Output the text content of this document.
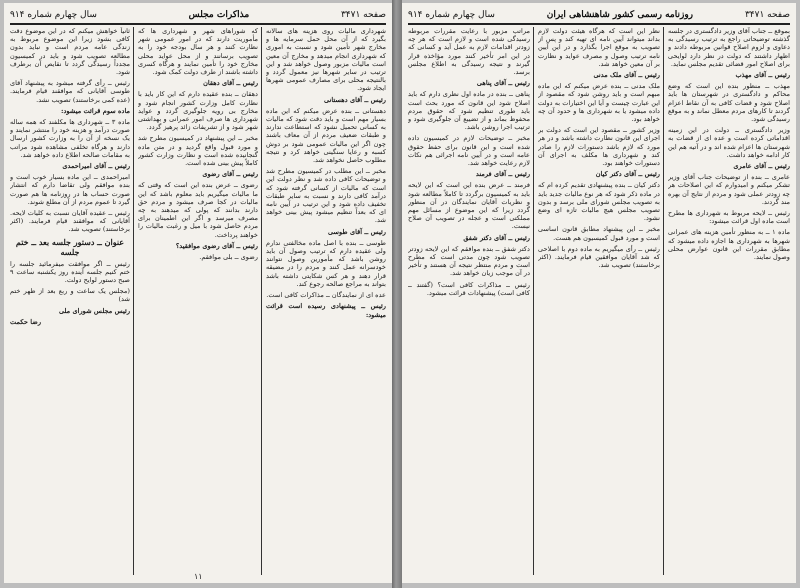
صفحه ۳۴۷۱
مذاكرات مجلس
سال چهارم شماره ۹۱۴

شهرداری ماليات روی هزينه های سالانه بگيرد که از آن محل حمل سرمايه ها و مخارج شهر تأمين شود و نسبت به اموری که شهرداری انجام ميدهد و مخارج آن معين است ماليات مزبور وصول خواهد شد و اين ترتيب در ساير شهرها نيز معمول گردد و بالنتيجه محلی برای مصارف عمومی شهرها ايجاد شود.

رئيس ــ آقای دهستانی

دهستانی ــ بنده عرض ميکنم که اين ماده بسيار مهم است و بايد دقت شود که ماليات به کسانی تحميل نشود که استطاعت ندارند و طبقات ضعيف مردم از آن معاف باشند چون اگر اين ماليات عمومی شود بر دوش کسبه و رعايا سنگينی خواهد کرد و نتيجه مطلوب حاصل نخواهد شد.

مخبر ــ اين مطلب در کميسيون مطرح شد و توضيحات کافی داده شد و نظر دولت اين است که ماليات از کسانی گرفته شود که درآمد کافی دارند و نسبت به ساير طبقات تخفيف داده شود و اين ترتيب در آيين نامه ای که بعداً تنظيم ميشود پيش بينی خواهد شد.

رئيس ــ آقای طوسی

طوسی ــ بنده با اصل ماده مخالفتی ندارم ولی عقيده دارم که ترتيب وصول آن بايد روشن باشد که مأمورين وصول نتوانند خودسرانه عمل کنند و مردم را در مضيقه قرار دهند و هر کس شکايتی داشته باشد بتواند به مراجع صالحه رجوع کند.

عده ای از نمايندگان ــ مذاکرات کافی است.

رئيس ــ پيشنهادی رسيده است قرائت ميشود:

که شوراهای شهر و شهرداری ها که مأموريت دارند که در امور عمومی شهر نظارت کنند و هر سال بودجه خود را به تصويب برسانند و از محل عوايد محلی مخارج خود را تأمين نمايند و هرگاه کسری داشته باشند از طرف دولت کمک شود.

رئيس ــ آقای دهقان

دهقان ــ بنده عقيده دارم که اين کار بايد با نظارت کامل وزارت کشور انجام شود و مخارج بی رويه جلوگيری گردد و عوايد شهرداری ها صرف امور عمرانی و بهداشتی شهر شود و از تشريفات زائد پرهيز گردد.

مخبر ــ اين پيشنهاد در کميسيون مطرح شد و مورد قبول واقع گرديد و در متن ماده گنجانيده شده است و نظارت وزارت کشور کاملاً پيش بينی شده است.

رئيس ــ آقای رضوی

رضوی ــ عرض بنده اين است که وقتی که ما ماليات ميگيريم بايد معلوم باشد که اين ماليات در کجا صرف ميشود و مردم حق دارند بدانند که پولی که ميدهند به چه مصرف ميرسد و اگر اين اطمينان برای مردم حاصل شود با ميل و رغبت ماليات را خواهند پرداخت.

رئيس ــ آقای رضوی موافقيد؟

رضوی ــ بلی موافقم.

ثانياً خواهش ميکنم که در اين موضوع دقت کافی بشود زيرا اين موضوع مربوط به زندگی عامه مردم است و نبايد بدون مطالعه تصويب شود و بايد در کميسيون مجدداً رسيدگی گردد تا نقايص آن برطرف شود.

رئيس ــ رأی گرفته ميشود به پيشنهاد آقای طوسی آقايانی که موافقند قيام فرمايند. (عده کمی برخاستند) تصويب نشد.

ماده سوم قرائت ميشود:

ماده ۳ ــ شهرداری ها مکلفند که همه ساله صورت درآمد و هزينه خود را منتشر نمايند و يک نسخه از آن را به وزارت کشور ارسال دارند و هرگاه تخلفی مشاهده شود مراتب به مقامات صالحه اطلاع داده خواهد شد.

رئيس ــ آقای اميراحمدی

اميراحمدی ــ اين ماده بسيار خوب است و بنده موافقم ولی تقاضا دارم که انتشار صورت حساب ها در روزنامه ها هم صورت گيرد تا عموم مردم از آن مطلع شوند.

رئيس ــ عقيده آقايان نسبت به کليات لايحه. آقايانی که موافقند قيام فرمايند. (اکثر برخاستند) تصويب شد.

عنوان ــ دستور جلسه بعد ــ ختم جلسه

رئيس ــ اگر موافقت ميفرمائيد جلسه را ختم کنيم جلسه آينده روز يکشنبه ساعت ۹ صبح دستور لوايح دولت.

(مجلس يک ساعت و ربع بعد از ظهر ختم شد)

رئيس مجلس شورای ملی

رضا حکمت

۱۱
صفحه ۳۴۷۱
روزنامه رسمی کشور شاهنشاهی ايران
سال چهارم شماره ۹۱۴

بموقع ــ جناب آقای وزير دادگستری در جلسه گذشته توضيحاتی راجع به ترتيب رسيدگی به دعاوی و لزوم اصلاح قوانين مربوطه دادند و اظهار داشتند که دولت در نظر دارد لوايحی برای اصلاح امور قضائی تقديم مجلس نمايد.

رئيس ــ آقای مهذب

مهذب ــ منظور بنده اين است که وضع محاکم و دادگستری در شهرستان ها بايد اصلاح شود و قضات کافی به آن نقاط اعزام گردند تا کارهای مردم معطل نماند و به موقع رسيدگی شود.

وزير دادگستری ــ دولت در اين زمينه اقداماتی کرده است و عده ای از قضات به شهرستان ها اعزام شده اند و در آتيه هم اين کار ادامه خواهد داشت.

رئيس ــ آقای عامری

عامری ــ بنده از توضيحات جناب آقای وزير تشکر ميکنم و اميدوارم که اين اصلاحات هر چه زودتر عملی شود و مردم از نتايج آن بهره مند گردند.

رئيس ــ لايحه مربوط به شهرداری ها مطرح است ماده اول قرائت ميشود:

ماده ۱ ــ به منظور تأمين هزينه های عمرانی شهرها به شهرداری ها اجازه داده ميشود که مطابق مقررات اين قانون عوارض محلی وصول نمايند.

نظر اين است که هرگاه هيئت دولت لازم بداند ميتواند آيين نامه ای تهيه کند و پس از تصويب به موقع اجرا بگذارد و در اين آيين نامه ترتيب وصول و مصرف عوايد و نظارت بر آن معين خواهد شد.

رئيس ــ آقای ملک مدنی

ملک مدنی ــ بنده عرض ميکنم که اين ماده مبهم است و بايد روشن شود که مقصود از اين عبارت چيست و آيا اين اختيارات به دولت داده ميشود يا به شهرداری ها و حدود آن چه خواهد بود.

وزير کشور ــ مقصود اين است که دولت بر اجرای اين قانون نظارت داشته باشد و در هر مورد که لازم باشد دستورات لازم را صادر کند و شهرداری ها مکلف به اجرای آن دستورات خواهند بود.

رئيس ــ آقای دکتر کيان

دکتر کيان ــ بنده پيشنهادی تقديم کرده ام که در ماده ذکر شود که هر نوع ماليات جديد بايد به تصويب مجلس شورای ملی برسد و بدون تصويب مجلس هيچ ماليات تازه ای وضع نشود.

مخبر ــ اين پيشنهاد مطابق قانون اساسی است و مورد قبول کميسيون هم هست.

رئيس ــ رأی ميگيريم به ماده دوم با اصلاحی که شد آقايان موافقين قيام فرمايند. (اکثر برخاستند) تصويب شد.

مراتب مزبور با رعايت مقررات مربوطه رسيدگی شده است و لازم است که هر چه زودتر اقدامات لازم به عمل آيد و کسانی که در اين امر تأخير کنند مورد مؤاخذه قرار گيرند و نتيجه رسيدگی به اطلاع مجلس برسد.

رئيس ــ آقای پناهی

پناهی ــ بنده در ماده اول نظری دارم که بايد اصلاح شود اين قانون که مورد بحث است بايد طوری تنظيم شود که حقوق مردم محفوظ بماند و از تضييع آن جلوگيری شود و ترتيب اجرا روشن باشد.

مخبر ــ توضيحات لازم در کميسيون داده شده است و اين قانون برای حفظ حقوق عامه است و در آيين نامه اجرائی هم نکات لازم رعايت خواهد شد.

رئيس ــ آقای فرمند

فرمند ــ عرض بنده اين است که اين لايحه بايد به کميسيون برگردد تا کاملاً مطالعه شود و نظريات آقايان نمايندگان در آن منظور گردد زيرا که اين موضوع از مسائل مهم مملکتی است و عجله در تصويب آن صلاح نيست.

رئيس ــ آقای دکتر شفق

دکتر شفق ــ بنده موافقم که اين لايحه زودتر تصويب شود چون مدتی است که مطرح است و مردم منتظر نتيجه آن هستند و تأخير در آن موجب زيان خواهد شد.

رئيس ــ مذاکرات کافی است؟ (گفتند ــ کافی است) پيشنهادات قرائت ميشود.
